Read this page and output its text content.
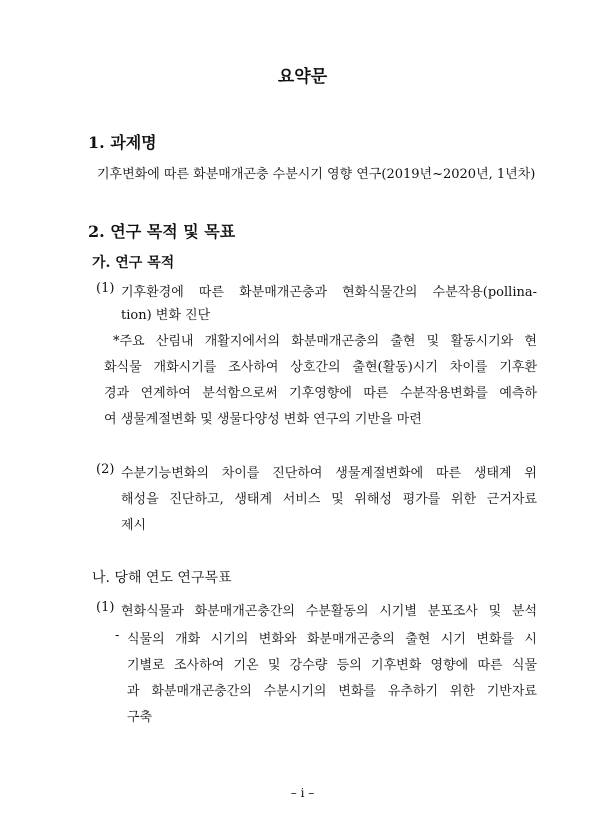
요약문
1. 과제명
기후변화에 따른 화분매개곤충 수분시기 영향 연구(2019년~2020년, 1년차)
2. 연구 목적 및 목표
가. 연구 목적
(1) 기후환경에 따른 화분매개곤충과 현화식물간의 수분작용(pollina-
tion) 변화 진단
*주요 산림내 개활지에서의 화분매개곤충의 출현 및 활동시기와 현
화식물 개화시기를 조사하여 상호간의 출현(활동)시기 차이를 기후환
경과 연계하여 분석함으로써 기후영향에 따른 수분작용변화를 예측하
여 생물계절변화 및 생물다양성 변화 연구의 기반을 마련
(2) 수분기능변화의 차이를 진단하여 생물계절변화에 따른 생태계 위
해성을 진단하고, 생태계 서비스 및 위해성 평가를 위한 근거자료
제시
나. 당해 연도 연구목표
(1) 현화식물과 화분매개곤충간의 수분활동의 시기별 분포조사 및 분석
- 식물의 개화 시기의 변화와 화분매개곤충의 출현 시기 변화를 시
기별로 조사하여 기온 및 강수량 등의 기후변화 영향에 따른 식물
과 화분매개곤충간의 수분시기의 변화를 유추하기 위한 기반자료
구축
– i –
